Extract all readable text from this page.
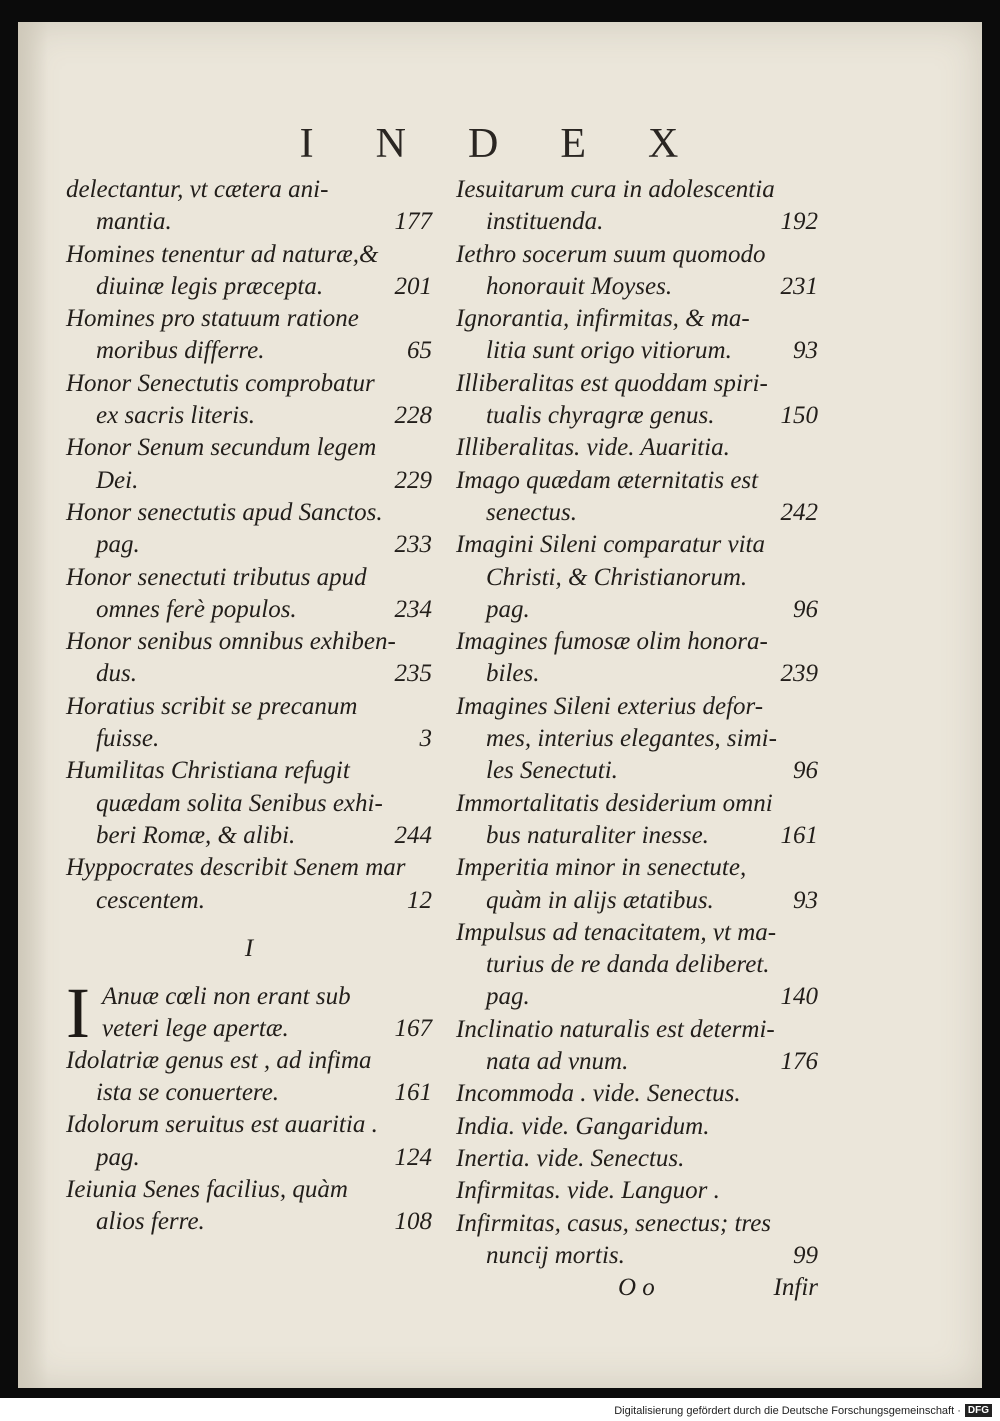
INDEX
delectantur, vt cætera ani-
mantia.	177
Homines tenentur ad naturæ,&
diuinæ legis præcepta.	201
Homines pro statuum ratione
moribus differre.	65
Honor Senectutis comprobatur
ex sacris literis.	228
Honor Senum secundum legem
Dei.	229
Honor senectutis apud Sanctos.
pag.	233
Honor senectuti tributus apud
omnes ferè populos.	234
Honor senibus omnibus exhiben-
dus.	235
Horatius scribit se precanum
fuisse.	3
Humilitas Christiana refugit
quædam solita Senibus exhi-
beri Romæ, & alibi.	244
Hyppocrates describit Senem mar
cescentem.	12
I
I Anuæ cœli non erant sub
veteri lege apertæ.	167
Idolatriæ genus est , ad infima
ista se conuertere.	161
Idolorum seruitus est auaritia .
pag.	124
Ieiunia Senes facilius, quàm
alios ferre.	108
Iesuitarum cura in adolescentia
instituenda.	192
Iethro socerum suum quomodo
honorauit Moyses.	231
Ignorantia, infirmitas, & ma-
litia sunt origo vitiorum. 93
Illiberalitas est quoddam spiri-
tualis chyragræ genus.	150
Illiberalitas. vide. Auaritia.
Imago quædam æternitatis est
senectus.	242
Imagini Sileni comparatur vita
Christi, & Christianorum.
pag.	96
Imagines fumosæ olim honora-
biles.	239
Imagines Sileni exterius defor-
mes, interius elegantes, simi-
les Senectuti.	96
Immortalitatis desiderium omni
bus naturaliter inesse.	161
Imperitia minor in senectute,
quàm in alijs ætatibus.	93
Impulsus ad tenacitatem, vt ma-
turius de re danda deliberet.
pag.	140
Inclinatio naturalis est determi-
nata ad vnum.	176
Incommoda . vide. Senectus.
India. vide. Gangaridum.
Inertia. vide. Senectus.
Infirmitas. vide. Languor .
Infirmitas, casus, senectus; tres
nuncij mortis.	99
O o	Infir
Digitalisierung gefördert durch die Deutsche Forschungsgemeinschaft · DFG
